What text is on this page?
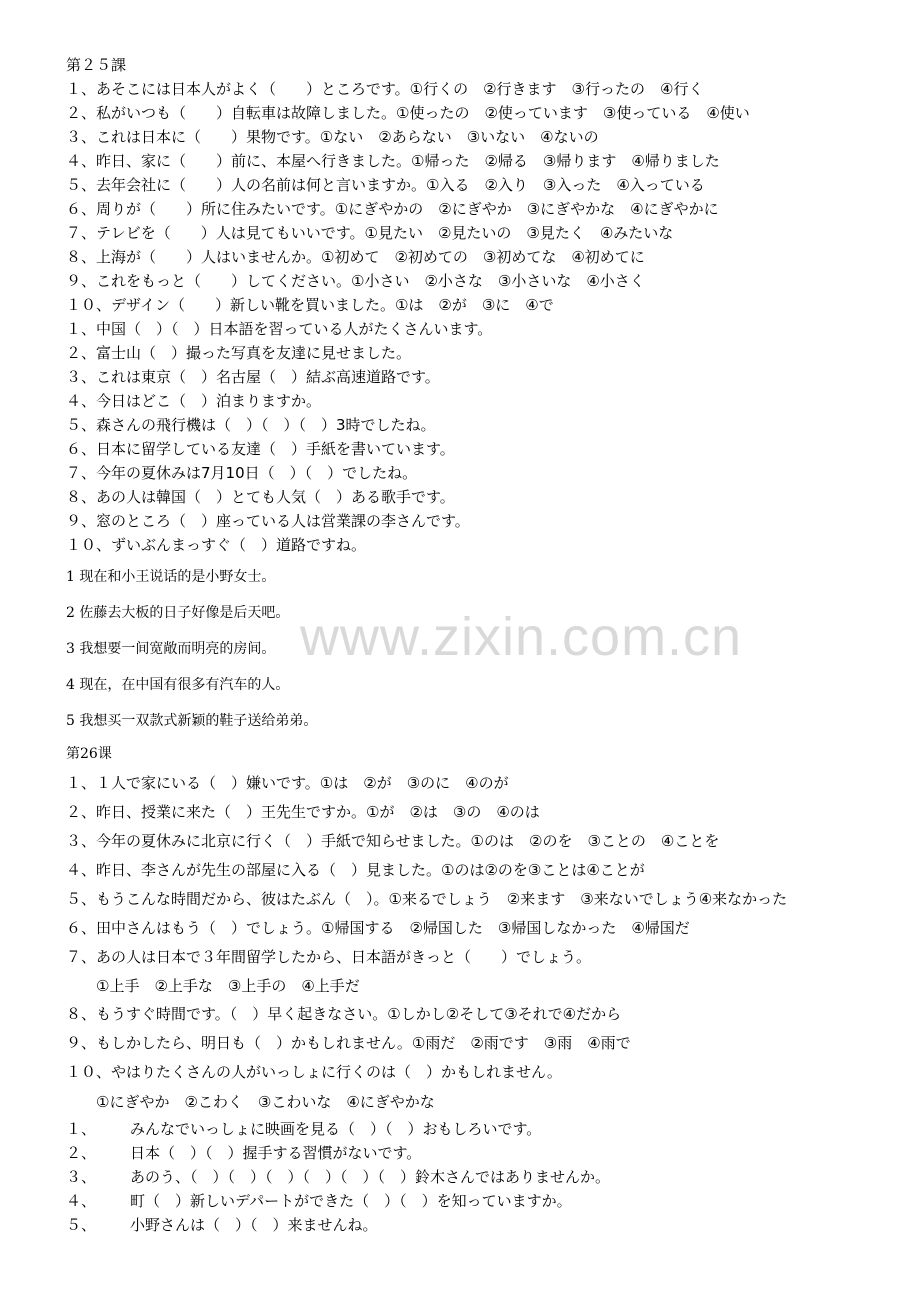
www.zixin.com.cn
第２５課
１、あそこには日本人がよく（　　）ところです。①行くの　②行きます　③行ったの　④行く
２、私がいつも（　　）自転車は故障しました。①使ったの　②使っています　③使っている　④使い
３、これは日本に（　　）果物です。①ない　②あらない　③いない　④ないの
４、昨日、家に（　　）前に、本屋へ行きました。①帰った　②帰る　③帰ります　④帰りました
５、去年会社に（　　）人の名前は何と言いますか。①入る　②入り　③入った　④入っている
６、周りが（　　）所に住みたいです。①にぎやかの　②にぎやか　③にぎやかな　④にぎやかに
７、テレビを（　　）人は見てもいいです。①見たい　②見たいの　③見たく　④みたいな
８、上海が（　　）人はいませんか。①初めて　②初めての　③初めてな　④初めてに
９、これをもっと（　　）してください。①小さい　②小さな　③小さいな　④小さく
１０、デザイン（　　）新しい靴を買いました。①は　②が　③に　④で
１、中国（　）（　）日本語を習っている人がたくさんいます。
２、富士山（　）撮った写真を友達に見せました。
３、これは東京（　）名古屋（　）結ぶ高速道路です。
４、今日はどこ（　）泊まりますか。
５、森さんの飛行機は（　）（　）（　）3時でしたね。
６、日本に留学している友達（　）手紙を書いています。
７、今年の夏休みは7月10日（　）（　）でしたね。
８、あの人は韓国（　）とても人気（　）ある歌手です。
９、窓のところ（　）座っている人は営業課の李さんです。
１０、ずいぶんまっすぐ（　）道路ですね。
1 现在和小王说话的是小野女士。
2 佐藤去大板的日子好像是后天吧。
3 我想要一间宽敞而明亮的房间。
4 现在，在中国有很多有汽车的人。
5 我想买一双款式新颖的鞋子送给弟弟。
第26课
１、１人で家にいる（　）嫌いです。①は　②が　③のに　④のが
２、昨日、授業に来た（　）王先生ですか。①が　②は　③の　④のは
３、今年の夏休みに北京に行く（　）手紙で知らせました。①のは　②のを　③ことの　④ことを
４、昨日、李さんが先生の部屋に入る（　）見ました。①のは②のを③ことは④ことが
５、もうこんな時間だから、彼はたぶん（　）。①来るでしょう　②来ます　③来ないでしょう④来なかった
６、田中さんはもう（　）でしょう。①帰国する　②帰国した　③帰国しなかった　④帰国だ
７、あの人は日本で３年間留学したから、日本語がきっと（　　）でしょう。
①上手　②上手な　③上手の　④上手だ
８、もうすぐ時間です。（　）早く起きなさい。①しかし②そして③それで④だから
９、もしかしたら、明日も（　）かもしれません。①雨だ　②雨です　③雨　④雨で
１０、やはりたくさんの人がいっしょに行くのは（　）かもしれません。
①にぎやか　②こわく　③こわいな　④にぎやかな
１、 みんなでいっしょに映画を見る（　）（　）おもしろいです。
２、 日本（　）（　）握手する習慣がないです。
３、 あのう、（　）（　）（　）（　）（　）（　）鈴木さんではありませんか。
４、 町（　）新しいデパートができた（　）（　）を知っていますか。
５、 小野さんは（　）（　）来ませんね。
